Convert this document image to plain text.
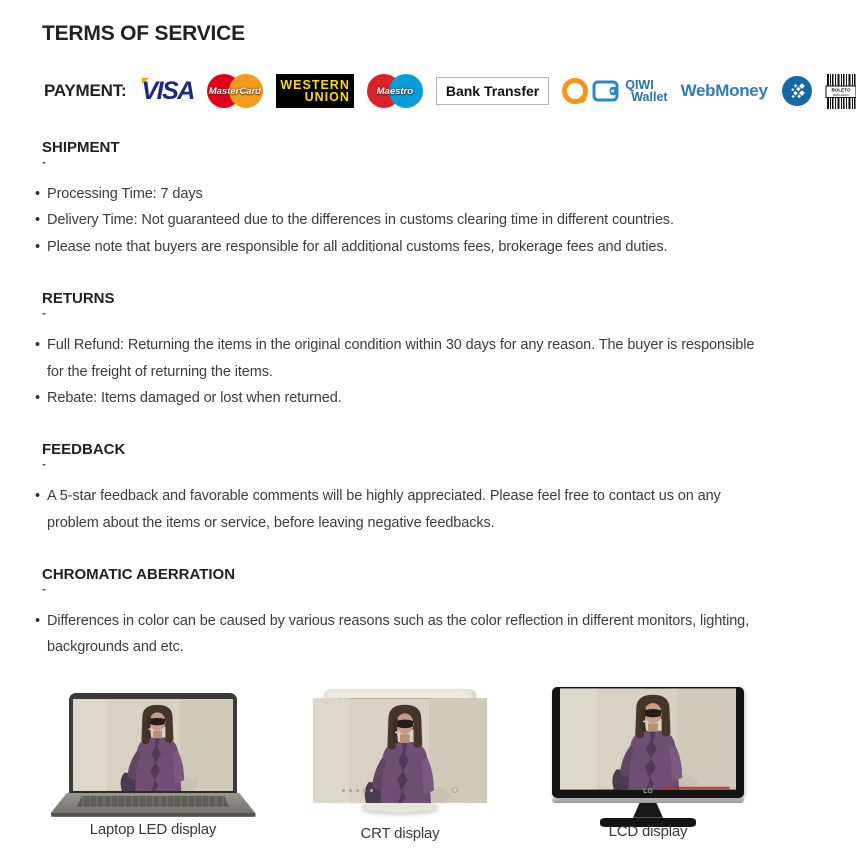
TERMS OF SERVICE
PAYMENT: VISA MasterCard WESTERN
UNION	Maestro	Bank Transfer	QIWI
Wallet WebMoney	BOLETO
BANCÁRIO
SHIPMENT
-
• Processing Time: 7 days
• Delivery Time: Not guaranteed due to the differences in customs clearing time in different countries.
• Please note that buyers are responsible for all additional customs fees, brokerage fees and duties.
RETURNS
-
• Full Refund: Returning the items in the original condition within 30 days for any reason. The buyer is responsible for the freight of returning the items.
• Rebate: Items damaged or lost when returned.
FEEDBACK
-
• A 5-star feedback and favorable comments will be highly appreciated. Please feel free to contact us on any problem about the items or service, before leaving negative feedbacks.
CHROMATIC ABERRATION
-
• Differences in color can be caused by various reasons such as the color reflection in different monitors, lighting, backgrounds and etc.
Laptop LED display	CRT display
LG
LCD display
